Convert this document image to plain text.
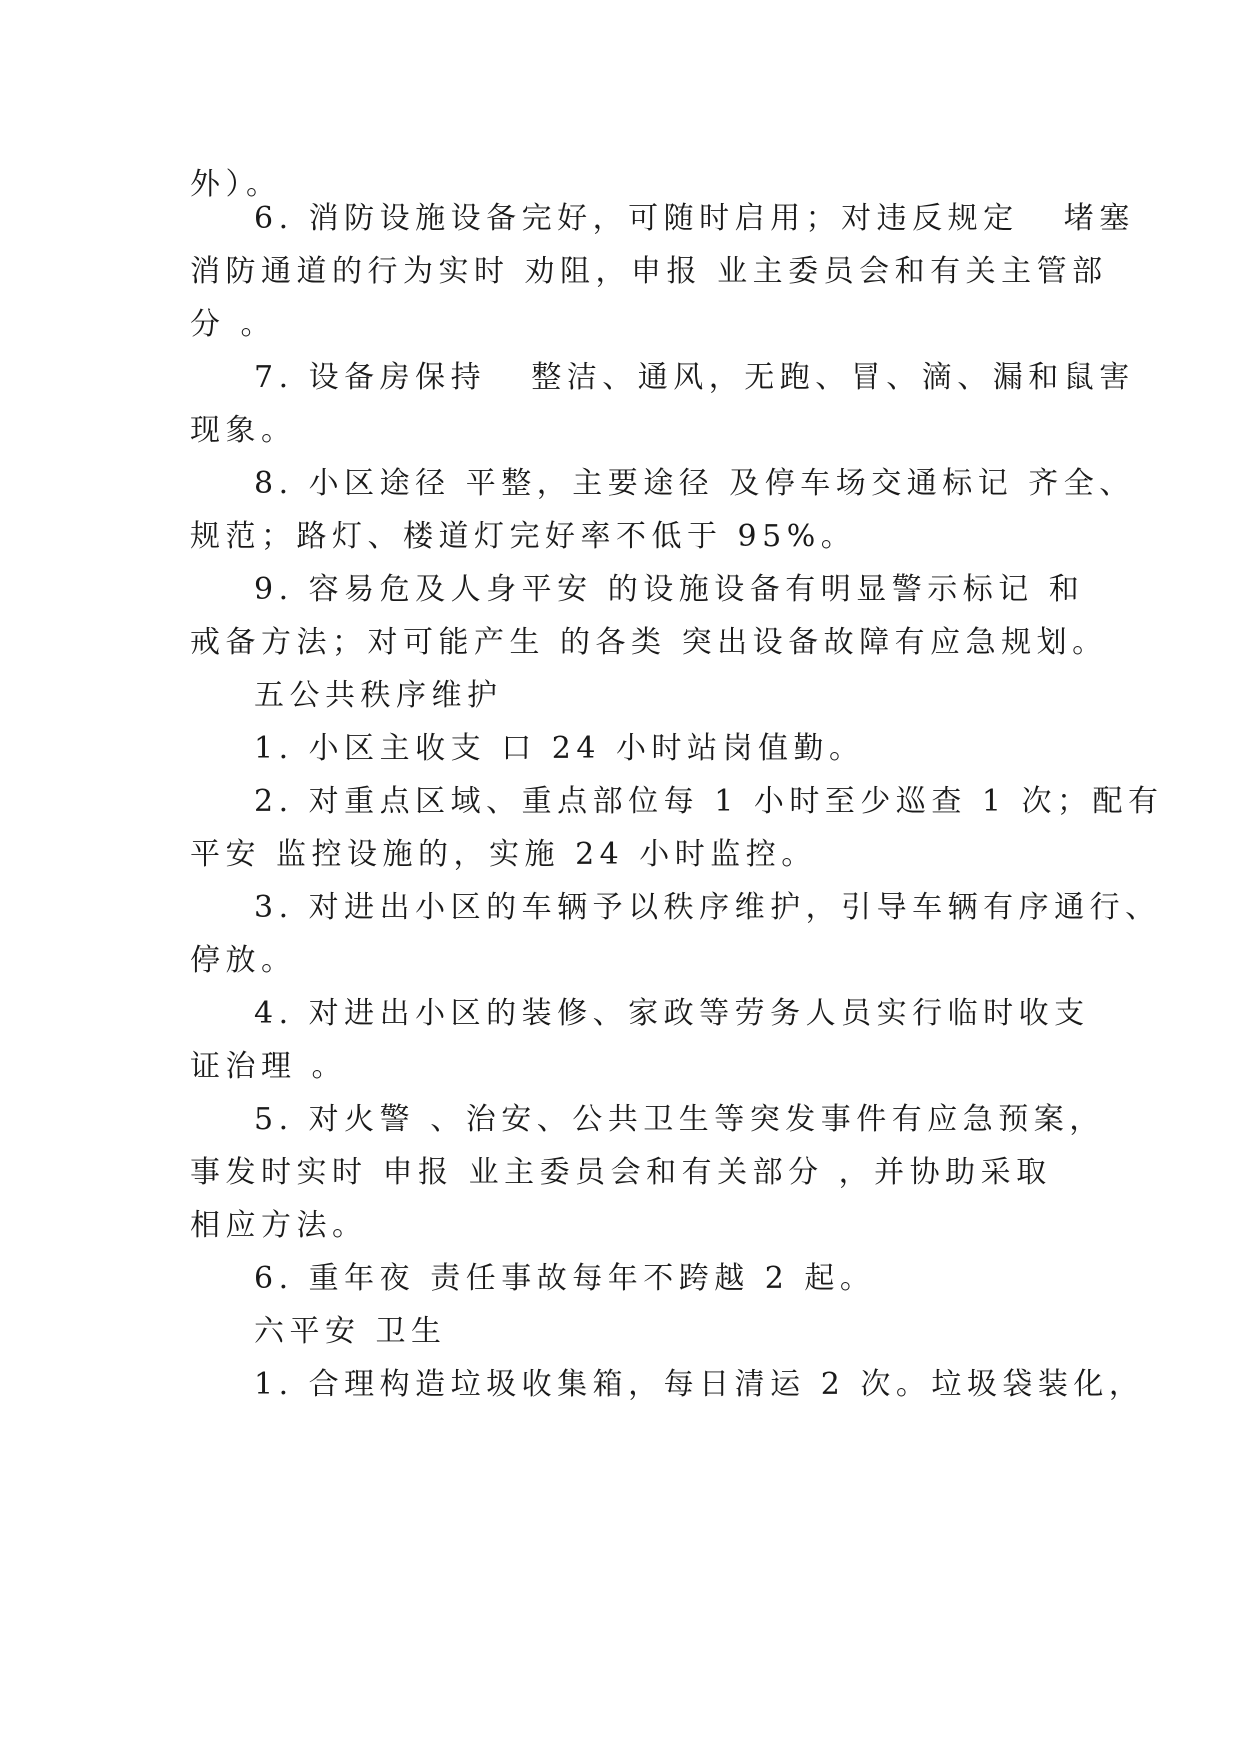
外）。
6. 消防设施设备完好，可随时启用；对违反规定   堵塞
消防通道的行为实时 劝阻，申报 业主委员会和有关主管部
分 。
7. 设备房保持   整洁、通风，无跑、冒、滴、漏和鼠害
现象。
8. 小区途径 平整，主要途径 及停车场交通标记 齐全、
规范；路灯、楼道灯完好率不低于 95%。
9. 容易危及人身平安 的设施设备有明显警示标记 和
戒备方法；对可能产生 的各类 突出设备故障有应急规划。
五公共秩序维护
1. 小区主收支 口 24 小时站岗值勤。
2. 对重点区域、重点部位每 1 小时至少巡查 1 次；配有
平安 监控设施的，实施 24 小时监控。
3. 对进出小区的车辆予以秩序维护，引导车辆有序通行、
停放。
4. 对进出小区的装修、家政等劳务人员实行临时收支
证治理 。
5. 对火警 、治安、公共卫生等突发事件有应急预案，
事发时实时 申报 业主委员会和有关部分 ，并协助采取
相应方法。
6. 重年夜 责任事故每年不跨越 2 起。
六平安 卫生
1. 合理构造垃圾收集箱，每日清运 2 次。垃圾袋装化，
